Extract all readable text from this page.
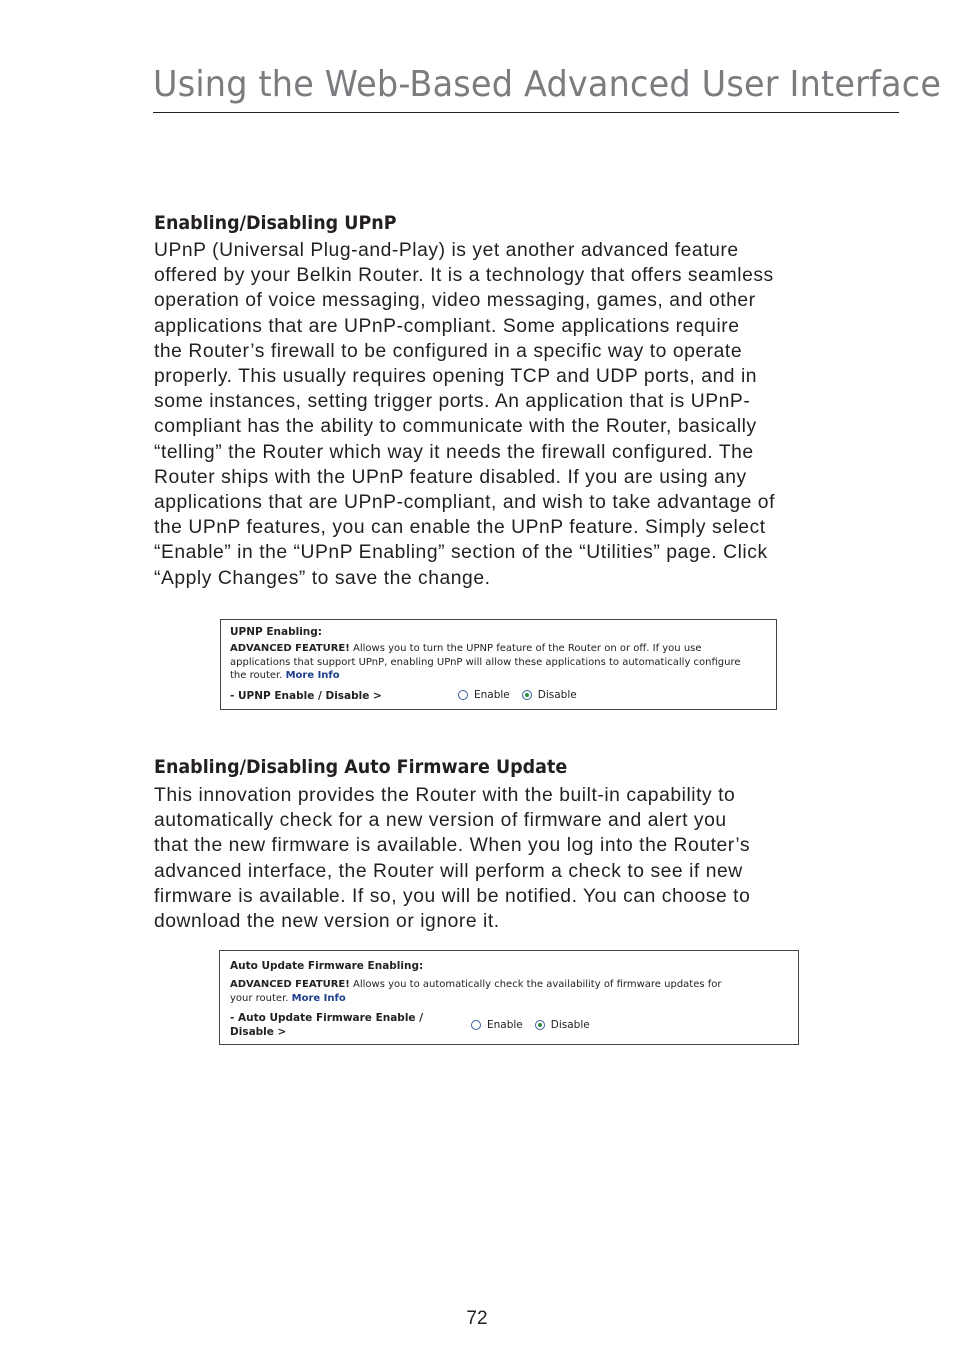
Using the Web-Based Advanced User Interface
Enabling/Disabling UPnP
UPnP (Universal Plug-and-Play) is yet another advanced feature
offered by your Belkin Router. It is a technology that offers seamless
operation of voice messaging, video messaging, games, and other
applications that are UPnP-compliant. Some applications require
the Router’s firewall to be configured in a specific way to operate
properly. This usually requires opening TCP and UDP ports, and in
some instances, setting trigger ports. An application that is UPnP-
compliant has the ability to communicate with the Router, basically
“telling” the Router which way it needs the firewall configured. The
Router ships with the UPnP feature disabled. If you are using any
applications that are UPnP-compliant, and wish to take advantage of
the UPnP features, you can enable the UPnP feature. Simply select
“Enable” in the “UPnP Enabling” section of the “Utilities” page. Click
“Apply Changes” to save the change.
UPNP Enabling:
ADVANCED FEATURE! Allows you to turn the UPNP feature of the Router on or off. If you use
applications that support UPnP, enabling UPnP will allow these applications to automatically configure
the router. More Info
- UPNP Enable / Disable >	Enable	Disable
Enabling/Disabling Auto Firmware Update
This innovation provides the Router with the built-in capability to
automatically check for a new version of firmware and alert you
that the new firmware is available. When you log into the Router’s
advanced interface, the Router will perform a check to see if new
firmware is available. If so, you will be notified. You can choose to
download the new version or ignore it.
Auto Update Firmware Enabling:
ADVANCED FEATURE! Allows you to automatically check the availability of firmware updates for
your router. More Info
- Auto Update Firmware Enable /
Disable >
Enable	Disable
72
